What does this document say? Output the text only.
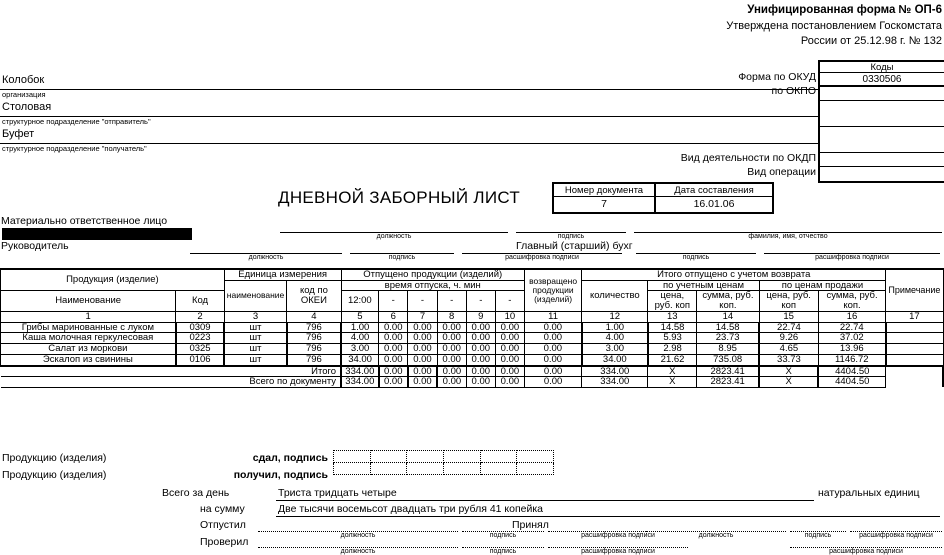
Унифицированная форма № ОП-6
Утверждена постановлением Госкомстата
России от 25.12.98 г. № 132
Коды
0330506
Форма по ОКУД
по ОКПО
Вид деятельности по ОКДП
Вид операции
Колобок
организация
Столовая
структурное подразделение "отправитель"
Буфет
структурное подразделение "получатель"
ДНЕВНОЙ ЗАБОРНЫЙ ЛИСТ	Номер документа
7
Дата составления
16.01.06
Материально ответственное лицо
должность	подпись	фамилия, имя, отчество
Руководитель	Главный (старший) бухг
должность	подпись	расшифровка подписи	подпись	расшифровка подписи
Продукция (изделие)		Единица измерения		Отпущено продукции (изделий)						возвращено продукции (изделий)	Итого отпущено с учетом возврата					Примечание
		наименование	код по ОКЕИ	время отпуска, ч. мин							количество	по учетным ценам		по ценам продажи		
Наименование	Код			12:00	-	-	-	-	-			цена, руб. коп	сумма, руб. коп.	цена, руб. коп	сумма, руб. коп.	
1	2	3	4	5	6	7	8	9	10	11	12	13	14	15	16	17
Грибы маринованные с луком	0309	шт	796	1.00	0.00	0.00	0.00	0.00	0.00	0.00	1.00	14.58	14.58	22.74	22.74	
Каша молочная геркулесовая	0223	шт	796	4.00	0.00	0.00	0.00	0.00	0.00	0.00	4.00	5.93	23.73	9.26	37.02	
Салат из моркови	0325	шт	796	3.00	0.00	0.00	0.00	0.00	0.00	0.00	3.00	2.98	8.95	4.65	13.96	
Эскалоп из свинины	0106	шт	796	34.00	0.00	0.00	0.00	0.00	0.00	0.00	34.00	21.62	735.08	33.73	1146.72	
Итого				334.00	0.00	0.00	0.00	0.00	0.00	0.00	334.00	X	2823.41	X	4404.50	
Всего по документу				334.00	0.00	0.00	0.00	0.00	0.00	0.00	334.00	X	2823.41	X	4404.50	
Продукцию (изделия)	сдал, подпись
Продукцию (изделия)	получил, подпись

Всего за день	Триста тридцать четыре	натуральных единиц
на сумму	Две тысячи восемьсот двадцать три рубля 41 копейка
Отпустил
Проверил
Принял
должность	подпись	расшифровка подписи	должность	подпись	расшифровка подписи
должность	подпись	расшифровка подписи	расшифровка подписи
